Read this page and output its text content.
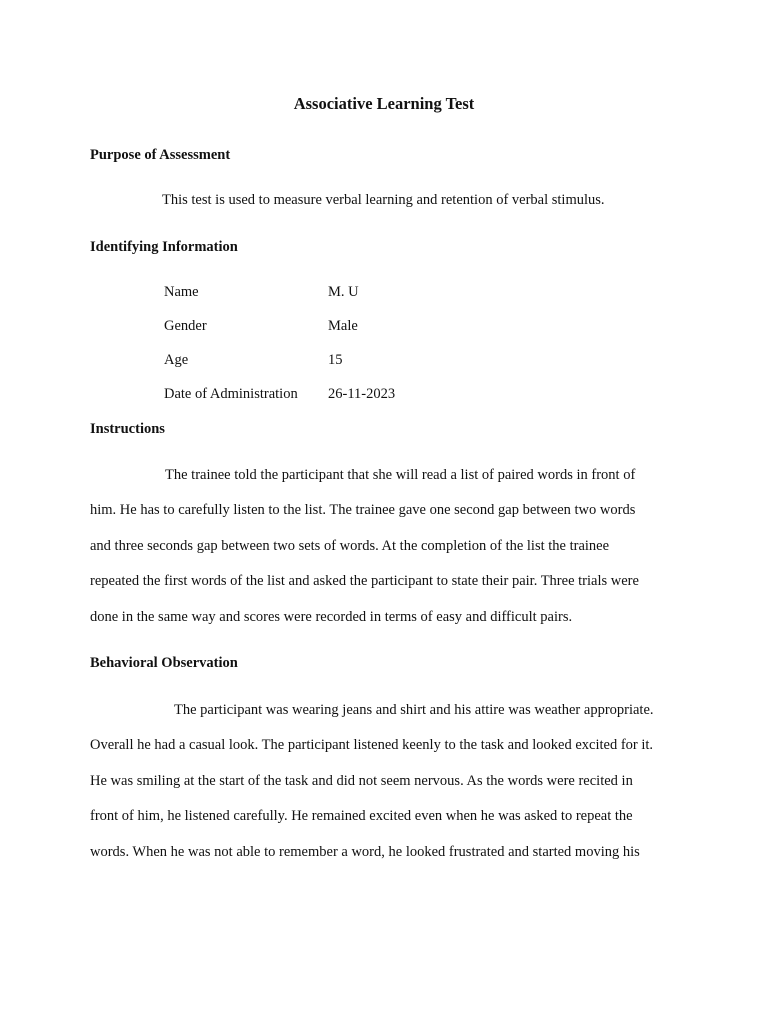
Associative Learning Test
Purpose of Assessment

This test is used to measure verbal learning and retention of verbal stimulus.

Identifying Information
Name	M. U
Gender	Male
Age	15
Date of Administration	26-11-2023
Instructions
The trainee told the participant that she will read a list of paired words in front of
him. He has to carefully listen to the list. The trainee gave one second gap between two words
and three seconds gap between two sets of words. At the completion of the list the trainee
repeated the first words of the list and asked the participant to state their pair. Three trials were
done in the same way and scores were recorded in terms of easy and difficult pairs.
Behavioral Observation
The participant was wearing jeans and shirt and his attire was weather appropriate.
Overall he had a casual look. The participant listened keenly to the task and looked excited for it.
He was smiling at the start of the task and did not seem nervous. As the words were recited in
front of him, he listened carefully. He remained excited even when he was asked to repeat the
words. When he was not able to remember a word, he looked frustrated and started moving his
